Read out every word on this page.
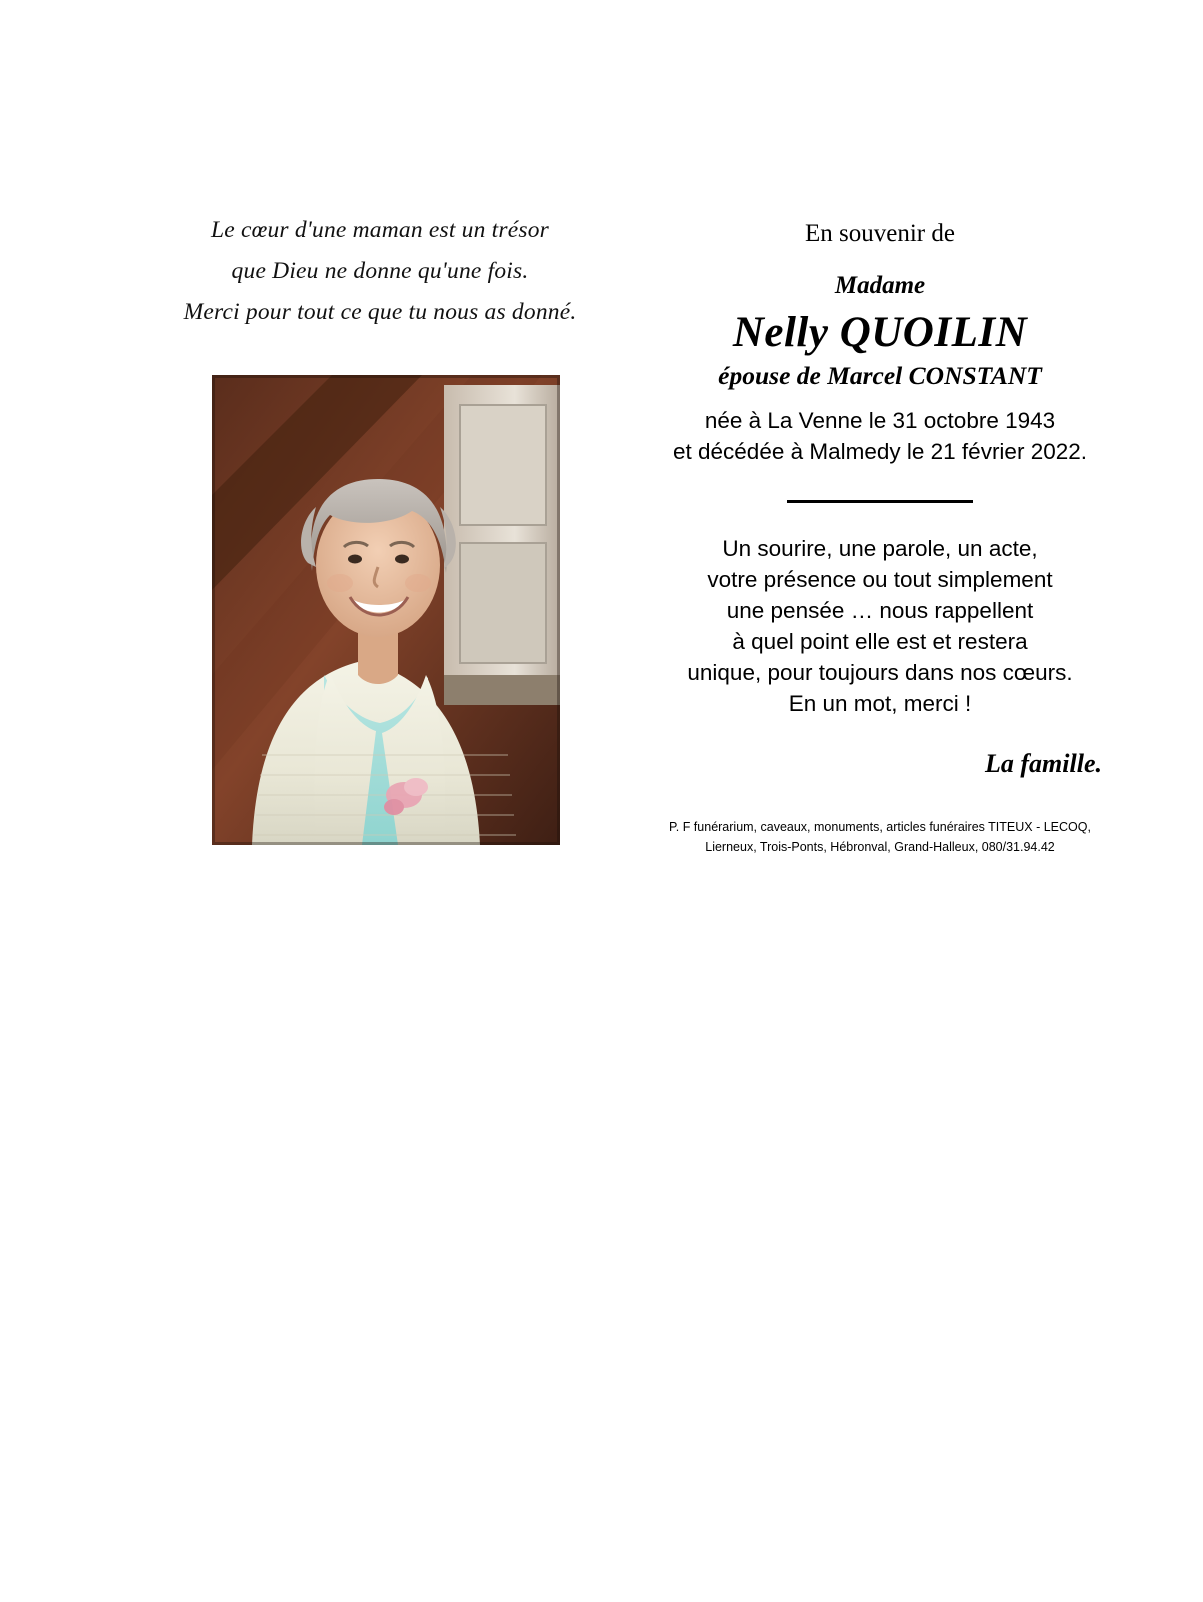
Le cœur d'une maman est un trésor
que Dieu ne donne qu'une fois.
Merci pour tout ce que tu nous as donné.
En souvenir de
Madame
Nelly QUOILIN
épouse de Marcel CONSTANT
née à La Venne le 31 octobre 1943
et décédée à Malmedy le 21 février 2022.
Un sourire, une parole, un acte,
votre présence ou tout simplement
une pensée … nous rappellent
à quel point elle est et restera
unique, pour toujours dans nos cœurs.
En un mot, merci !
La famille.
P. F funérarium, caveaux, monuments, articles funéraires TITEUX - LECOQ,
Lierneux, Trois-Ponts, Hébronval, Grand-Halleux, 080/31.94.42
